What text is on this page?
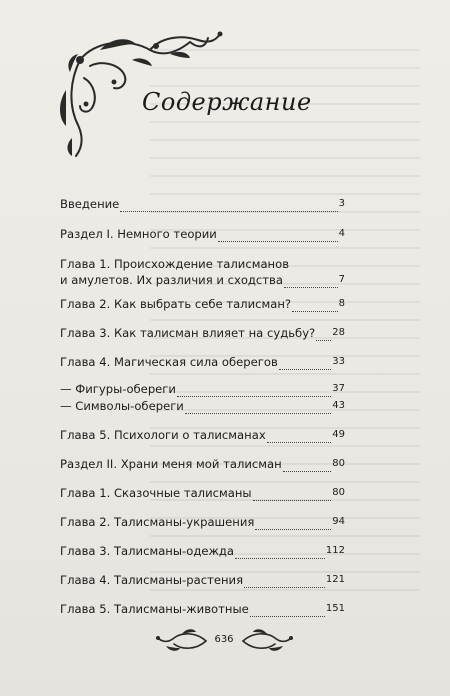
Содержание
Введение	3
Раздел I. Немного теории	4
Глава 1. Происхождение талисманов
и амулетов. Их различия и сходства	7
Глава 2. Как выбрать себе талисман?	8
Глава 3. Как талисман влияет на судьбу? 28
Глава 4. Магическая сила оберегов	33
— Фигуры-обереги	37
— Символы-обереги	43
Глава 5. Психологи о талисманах	49
Раздел II. Храни меня мой талисман	80
Глава 1. Сказочные талисманы	80
Глава 2. Талисманы-украшения	94
Глава 3. Талисманы-одежда	112
Глава 4. Талисманы-растения	121
Глава 5. Талисманы-животные	151
636
